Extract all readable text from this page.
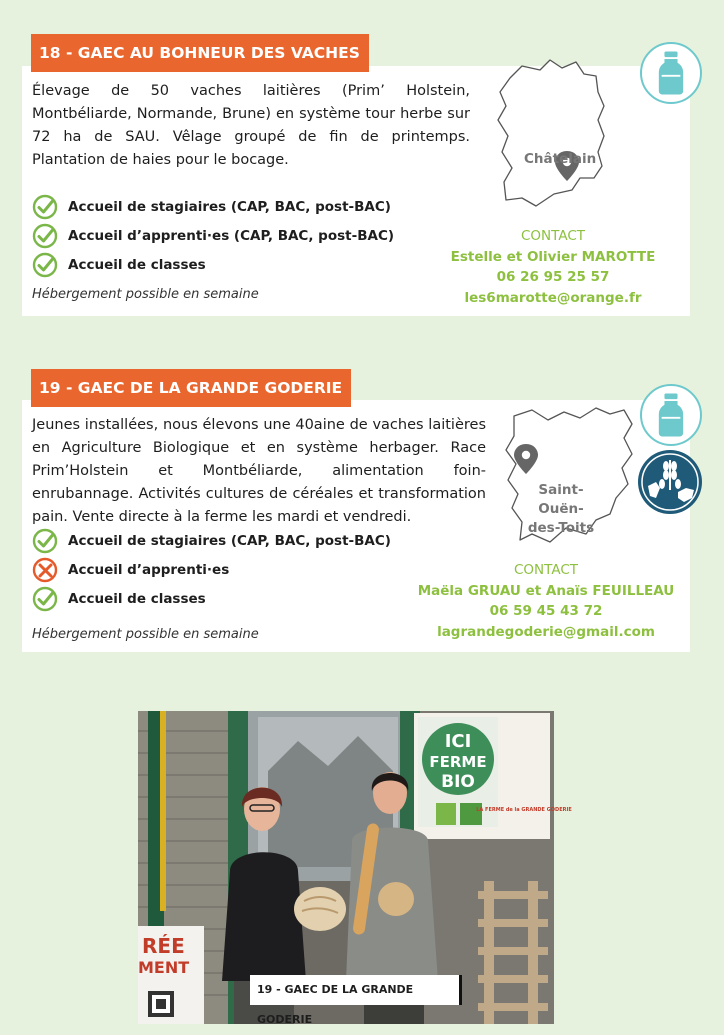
Élevage de 50 vaches laitières (Prim’ Holstein, Montbéliarde, Normande, Brune) en système tour herbe sur 72 ha de SAU. Vêlage groupé de fin de printemps. Plantation de haies pour le bocage.

Accueil de stagiaires (CAP, BAC, post-BAC)
Accueil d’apprenti·es (CAP, BAC, post-BAC)
Accueil de classes

Hébergement possible en semaine

Châtelain
CONTACT
Estelle et Olivier MAROTTE
06 26 95 25 57
les6marotte@orange.fr
18 - GAEC AU BOHNEUR DES VACHES

Jeunes installées, nous élevons une 40aine de vaches laitières en Agriculture Biologique et en système herbager. Race Prim’Holstein et Montbéliarde, alimentation foin-enrubannage. Activités cultures de céréales et transformation pain. Vente directe à la ferme les mardi et vendredi.

Accueil de stagiaires (CAP, BAC, post-BAC)
Accueil d’apprenti·es
Accueil de classes

Hébergement possible en semaine

Saint-Ouën-
des-Toits
CONTACT
Maëla GRUAU et Anaïs FEUILLEAU
06 59 45 43 72
lagrandegoderie@gmail.com
19 - GAEC DE LA GRANDE GODERIE
ICI
FERME
BIO
LA FERME de la GRANDE GODERIE
RÉE
MENT
19 - GAEC DE LA GRANDE GODERIE
